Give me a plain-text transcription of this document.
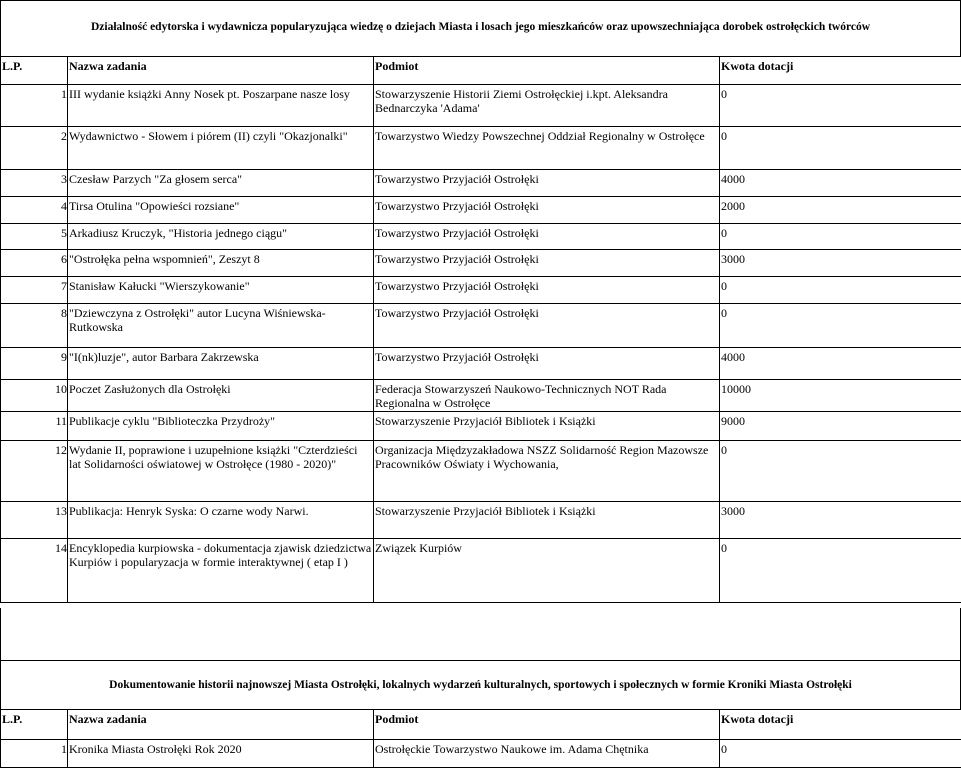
Działalność edytorska i wydawnicza popularyzująca wiedzę o dziejach Miasta i losach jego mieszkańców oraz upowszechniająca dorobek ostrołęckich twórców
L.P.	Nazwa zadania	Podmiot	Kwota dotacji
1	III wydanie książki Anny Nosek pt. Poszarpane nasze losy	Stowarzyszenie Historii Ziemi Ostrołęckiej i.kpt. Aleksandra Bednarczyka 'Adama'	0
2	Wydawnictwo - Słowem i piórem (II) czyli "Okazjonalki"	Towarzystwo Wiedzy Powszechnej Oddział Regionalny w Ostrołęce	0
3	Czesław Parzych "Za głosem serca"	Towarzystwo Przyjaciół Ostrołęki	4000
4	Tirsa Otulina "Opowieści rozsiane"	Towarzystwo Przyjaciół Ostrołęki	2000
5	Arkadiusz Kruczyk, "Historia jednego ciągu"	Towarzystwo Przyjaciół Ostrołęki	0
6	"Ostrołęka pełna wspomnień", Zeszyt 8	Towarzystwo Przyjaciół Ostrołęki	3000
7	Stanisław Kałucki "Wierszykowanie"	Towarzystwo Przyjaciół Ostrołęki	0
8	"Dziewczyna z Ostrołęki" autor Lucyna Wiśniewska-Rutkowska	Towarzystwo Przyjaciół Ostrołęki	0
9	"I(nk)luzje", autor Barbara Zakrzewska	Towarzystwo Przyjaciół Ostrołęki	4000
10	Poczet Zasłużonych dla Ostrołęki	Federacja Stowarzyszeń Naukowo-Technicznych NOT Rada Regionalna w Ostrołęce	10000
11	Publikacje cyklu "Biblioteczka Przydroży"	Stowarzyszenie Przyjaciół Bibliotek i Książki	9000
12	Wydanie II, poprawione i uzupełnione książki "Czterdzieści lat Solidarności oświatowej w Ostrołęce (1980 - 2020)"	Organizacja Międzyzakładowa NSZZ Solidarność Region Mazowsze Pracowników Oświaty i Wychowania,	0
13	Publikacja: Henryk Syska: O czarne wody Narwi.	Stowarzyszenie Przyjaciół Bibliotek i Książki	3000
14	Encyklopedia kurpiowska - dokumentacja zjawisk dziedzictwa Kurpiów i popularyzacja w formie interaktywnej ( etap I )	Związek Kurpiów	0
Dokumentowanie historii najnowszej Miasta Ostrołęki, lokalnych wydarzeń kulturalnych, sportowych i społecznych w formie Kroniki Miasta Ostrołęki
L.P.	Nazwa zadania	Podmiot	Kwota dotacji
1	Kronika Miasta Ostrołęki Rok 2020	Ostrołęckie Towarzystwo Naukowe im. Adama Chętnika	0
